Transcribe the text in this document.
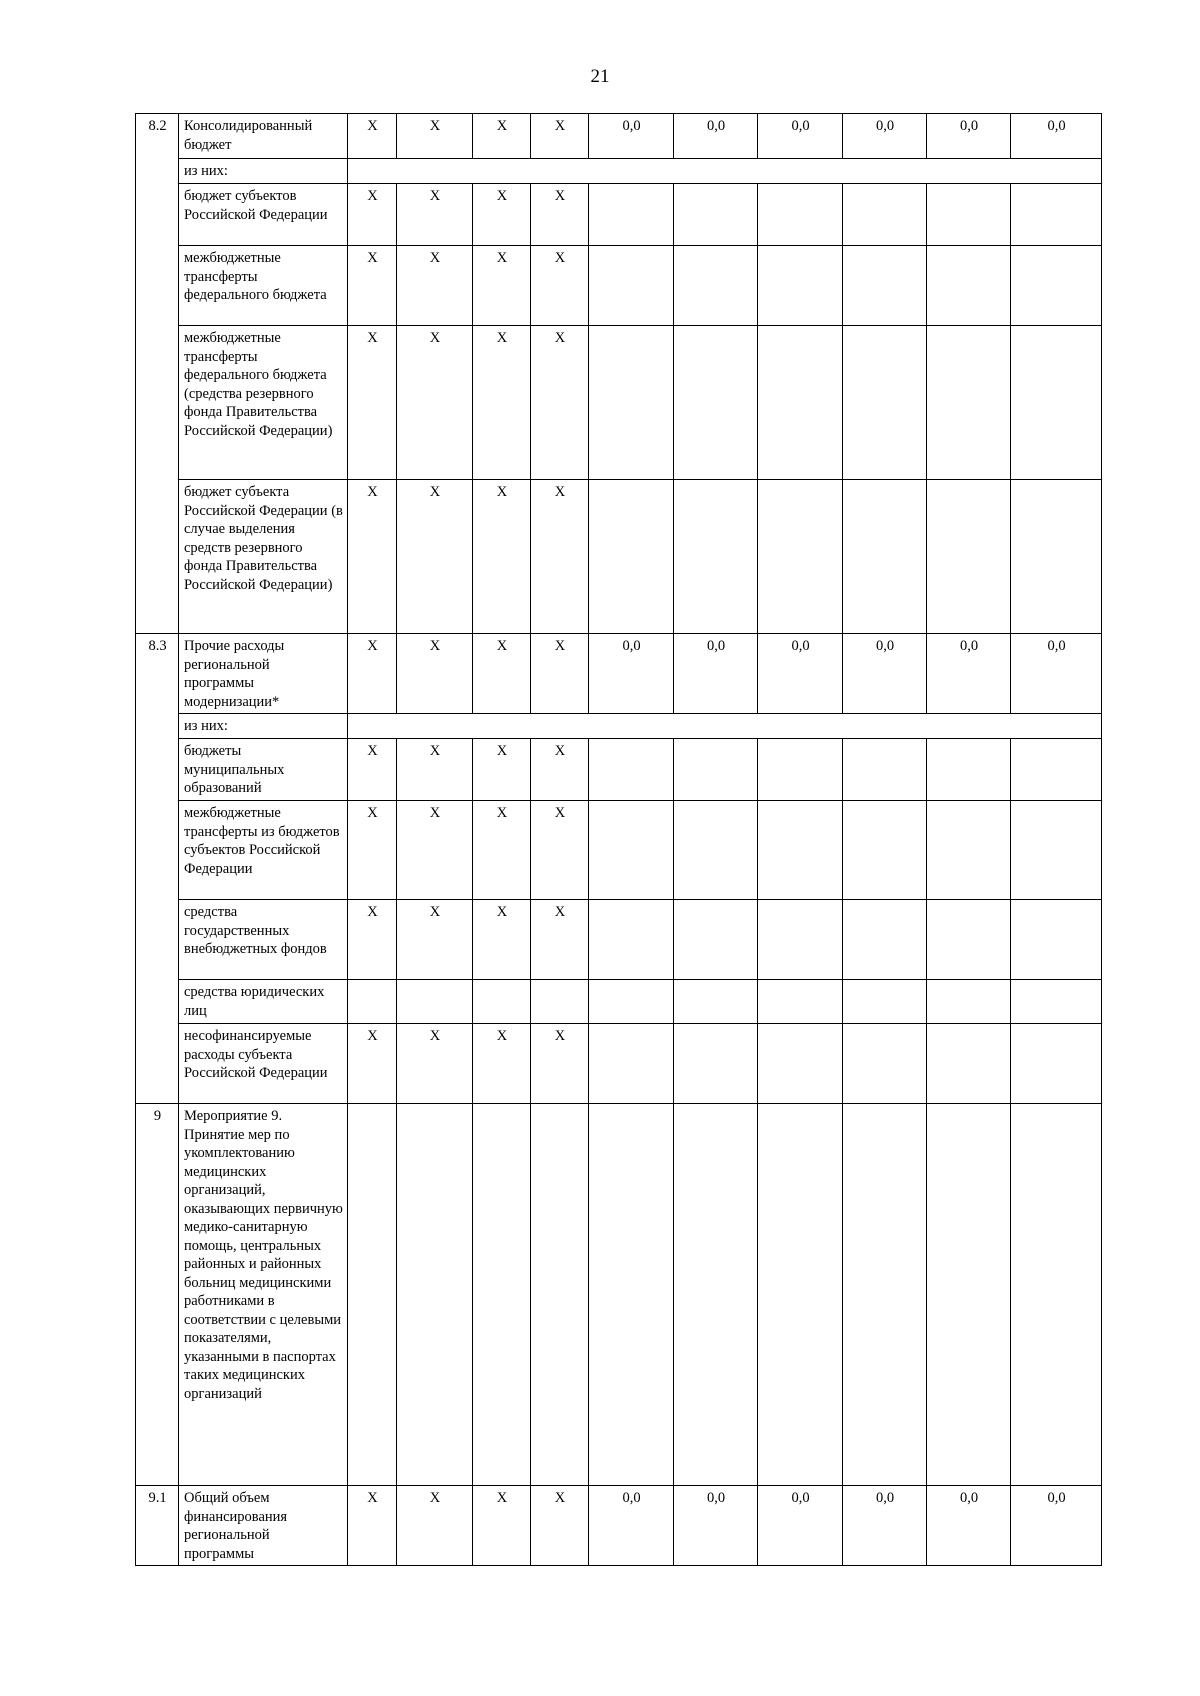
21
8.2	Консолидированный бюджет	X	X	X	X	0,0	0,0	0,0	0,0	0,0	0,0
	из них:										
	бюджет субъектов Российской Федерации	X	X	X	X						
	межбюджетные трансферты федерального бюджета	X	X	X	X						
	межбюджетные трансферты федерального бюджета (средства резервного фонда Правительства Российской Федерации)	X	X	X	X						
	бюджет субъекта Российской Федерации (в случае выделения средств резервного фонда Правительства Российской Федерации)	X	X	X	X						
8.3	Прочие расходы региональной программы модернизации*	X	X	X	X	0,0	0,0	0,0	0,0	0,0	0,0
	из них:										
	бюджеты муниципальных образований	X	X	X	X						
	межбюджетные трансферты из бюджетов субъектов Российской Федерации	X	X	X	X						
	средства государственных внебюджетных фондов	X	X	X	X						
	средства юридических лиц										
	несофинансируемые расходы субъекта Российской Федерации	X	X	X	X						
9	Мероприятие 9. Принятие мер по укомплектованию медицинских организаций, оказывающих первичную медико-санитарную помощь, центральных районных и районных больниц медицинскими работниками в соответствии с целевыми показателями, указанными в паспортах таких медицинских организаций										
9.1	Общий объем финансирования региональной программы	X	X	X	X	0,0	0,0	0,0	0,0	0,0	0,0
